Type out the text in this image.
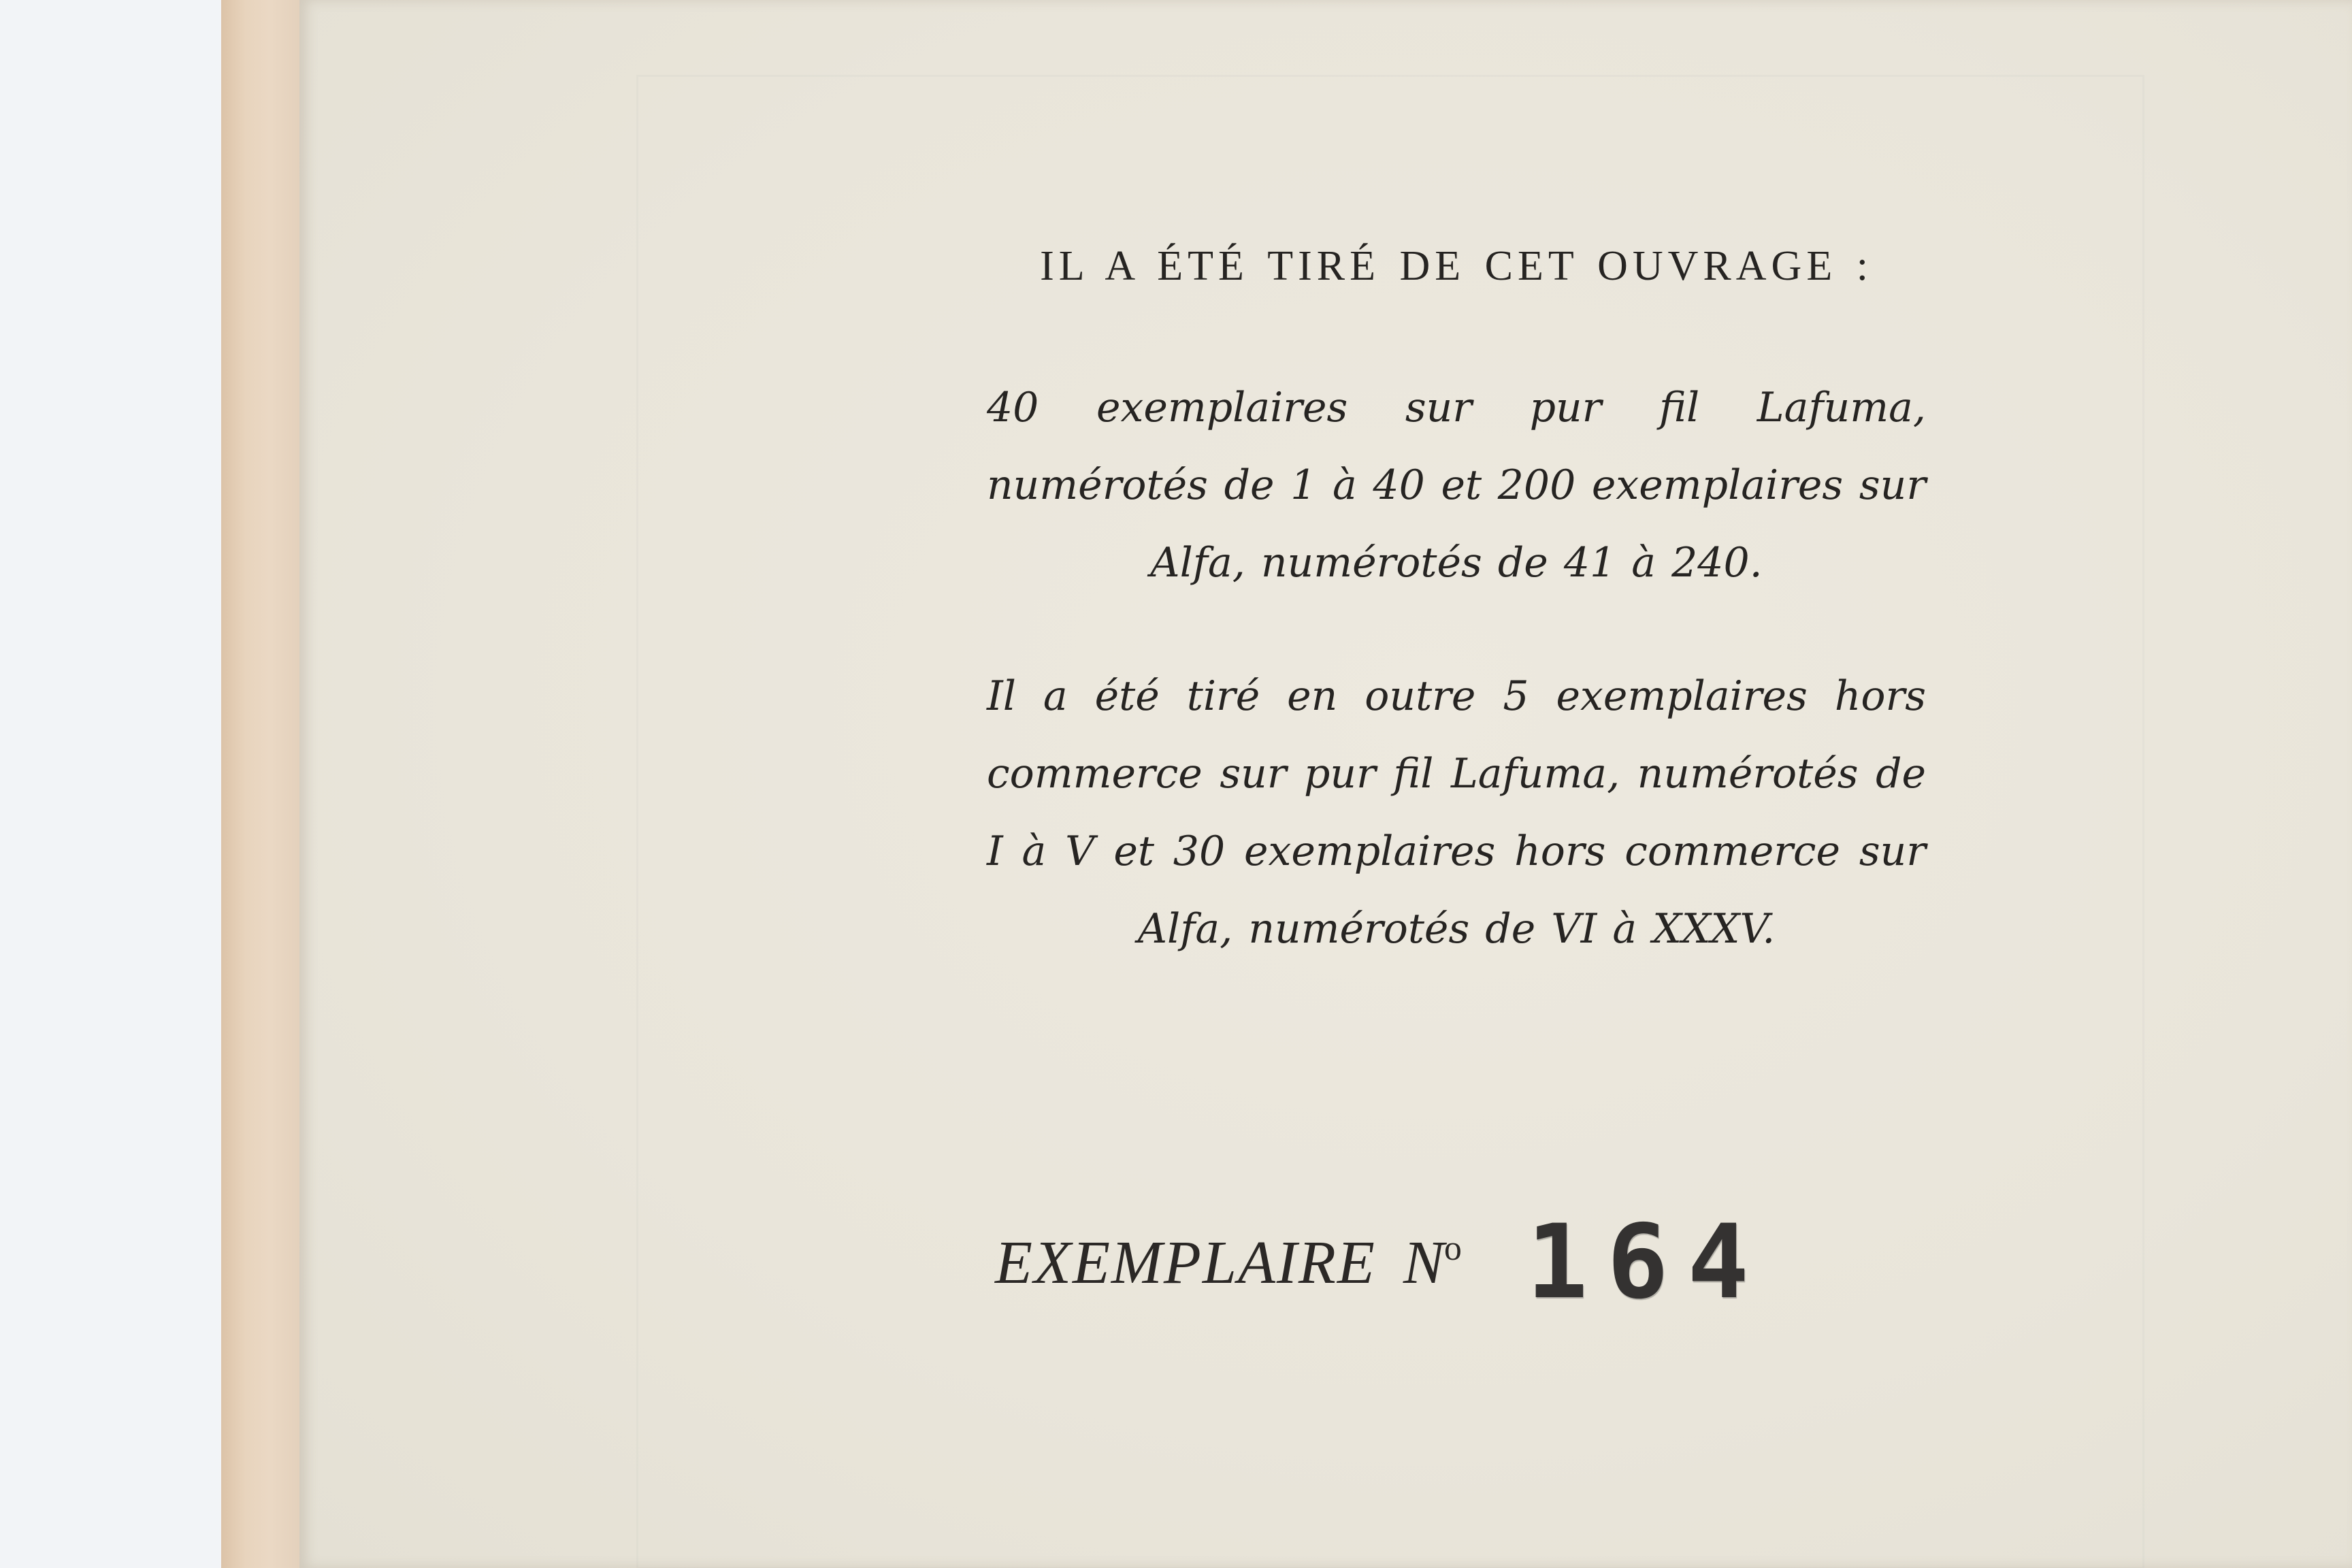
IL A ÉTÉ TIRÉ DE CET OUVRAGE :

40 exemplaires sur pur fil Lafuma, numérotés de 1 à 40 et 200 exemplaires sur Alfa, numérotés de 41 à 240.

Il a été tiré en outre 5 exemplaires hors commerce sur pur fil Lafuma, numérotés de I à V et 30 exemplaires hors commerce sur Alfa, numérotés de VI à XXXV.

EXEMPLAIRE $N^o$ 164
